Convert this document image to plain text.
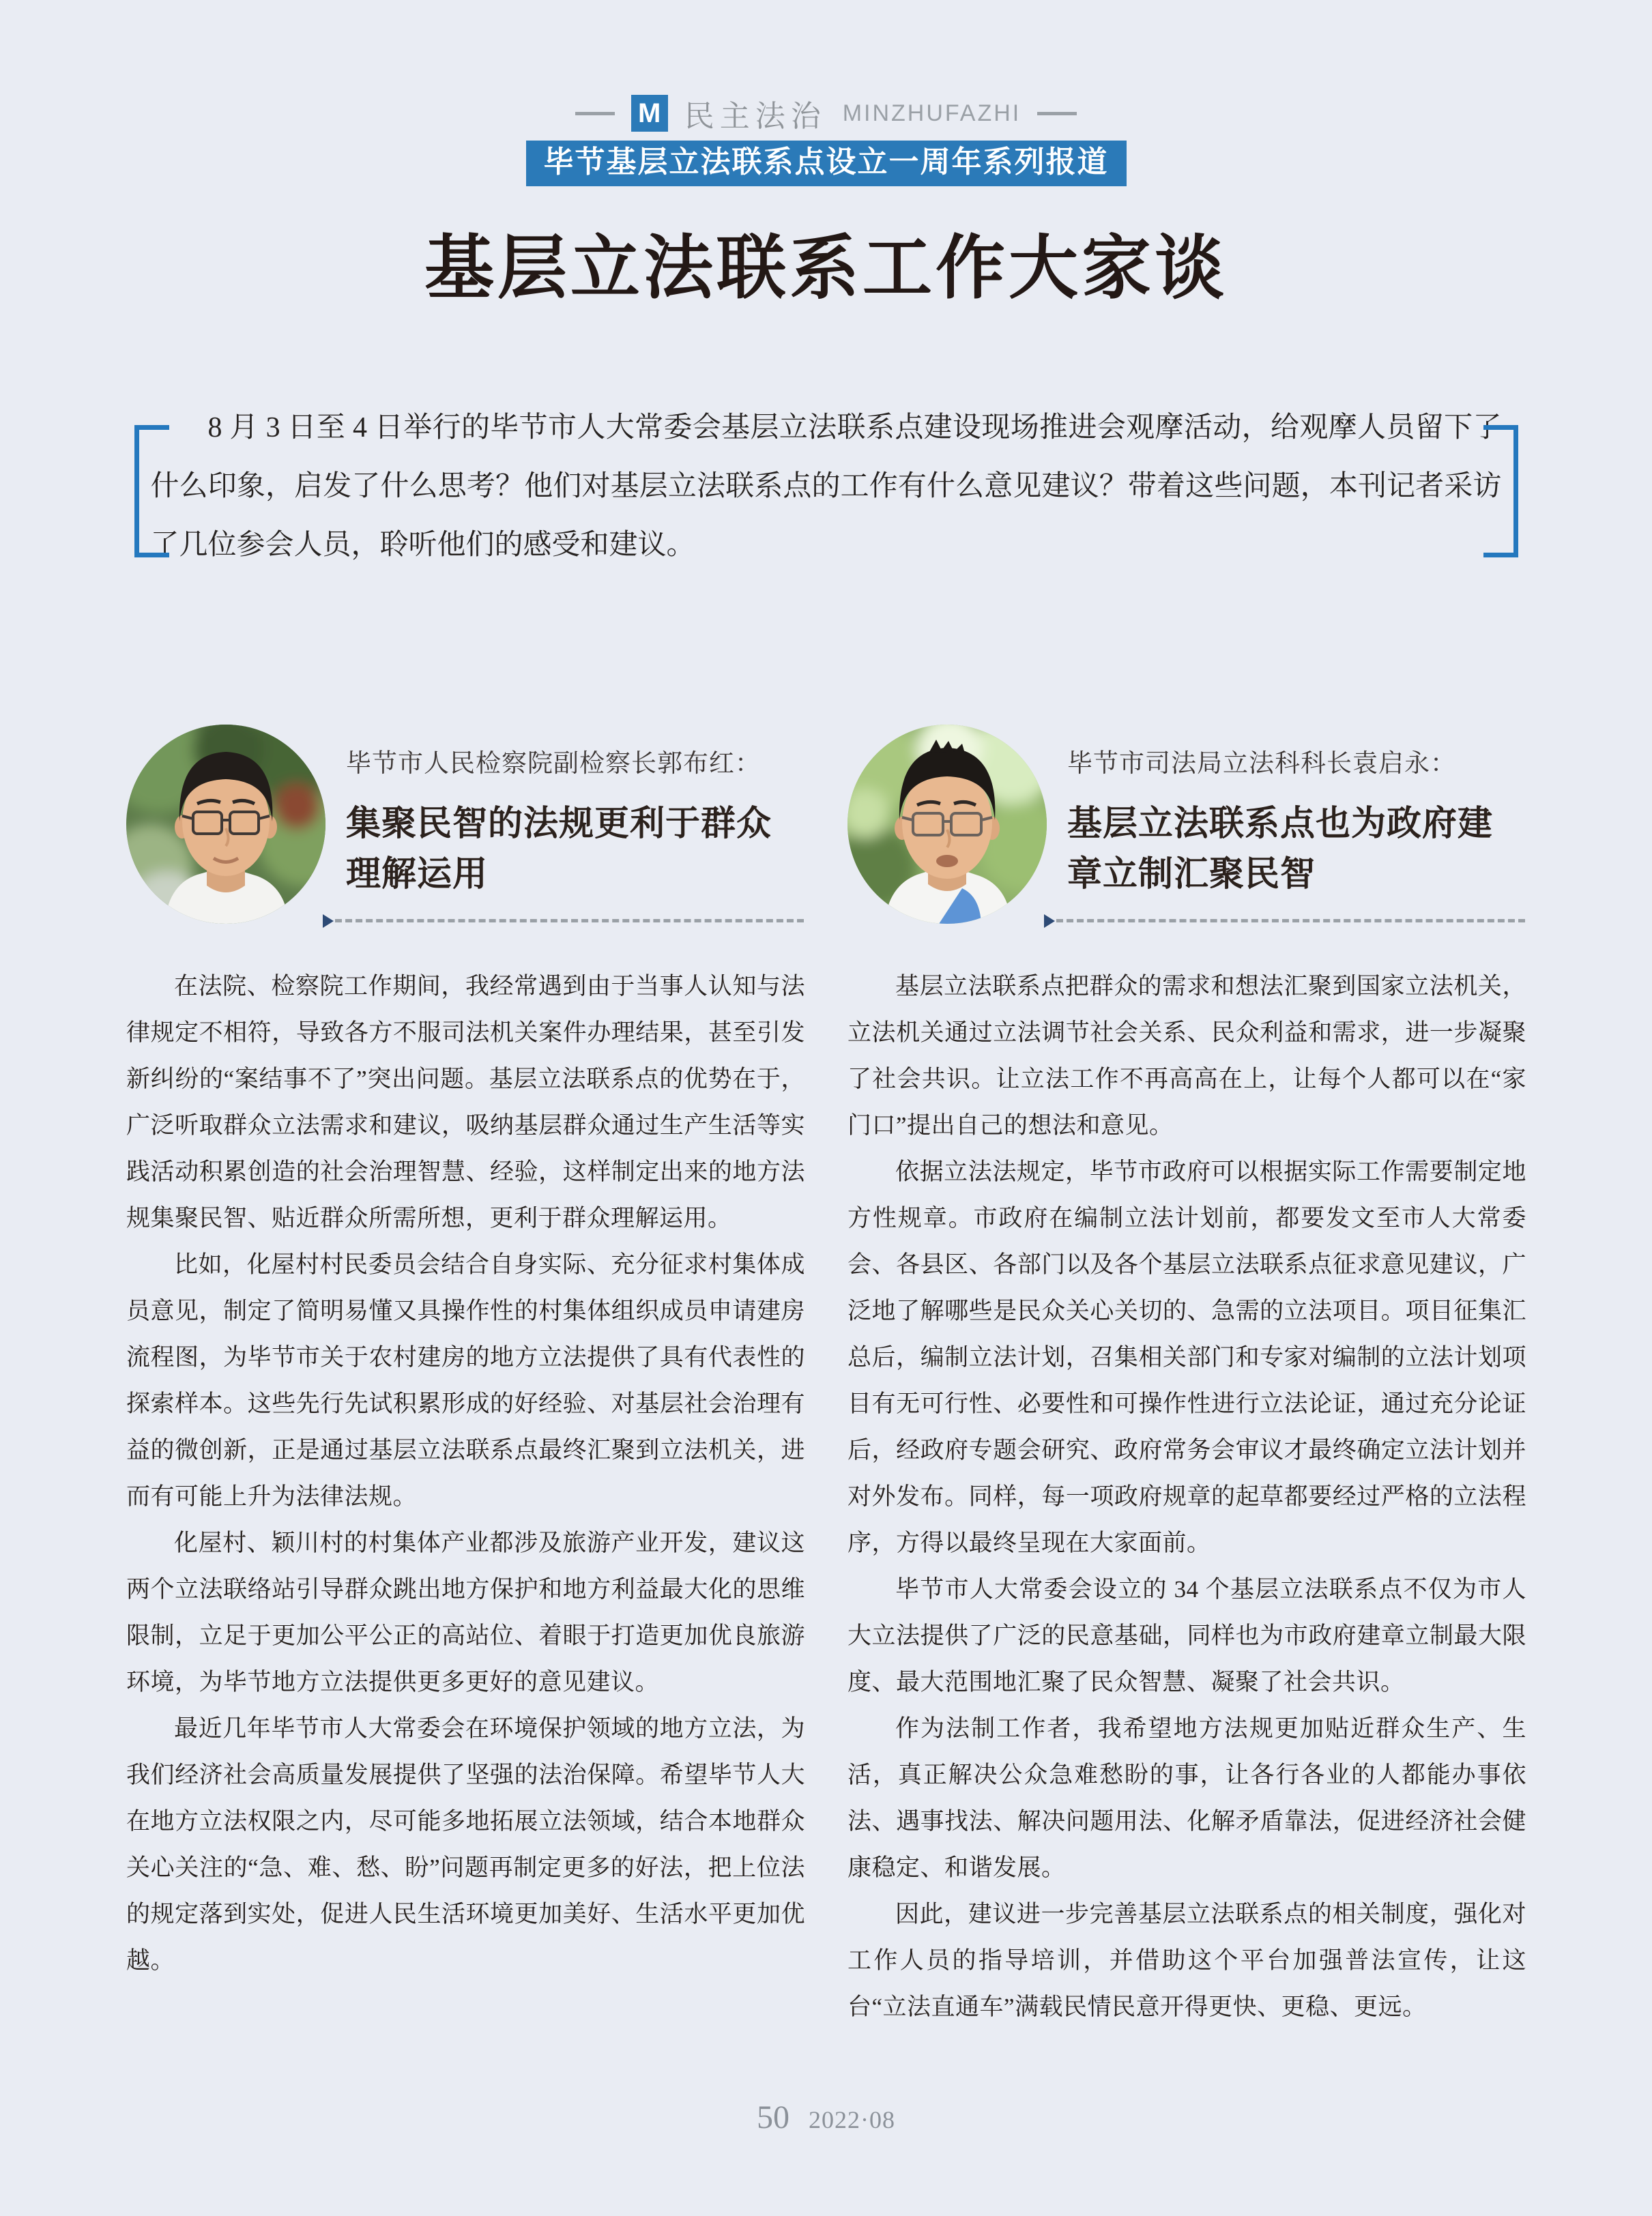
M 民主法治 MINZHUFAZHI
毕节基层立法联系点设立一周年系列报道
基层立法联系工作大家谈

8 月 3 日至 4 日举行的毕节市人大常委会基层立法联系点建设现场推进会观摩活动，给观摩人员留下了什么印象，启发了什么思考？他们对基层立法联系点的工作有什么意见建议？带着这些问题，本刊记者采访了几位参会人员，聆听他们的感受和建议。

毕节市人民检察院副检察长郭布红：
集聚民智的法规更利于群众理解运用

在法院、检察院工作期间，我经常遇到由于当事人认知与法律规定不相符，导致各方不服司法机关案件办理结果，甚至引发新纠纷的“案结事不了”突出问题。基层立法联系点的优势在于，广泛听取群众立法需求和建议，吸纳基层群众通过生产生活等实践活动积累创造的社会治理智慧、经验，这样制定出来的地方法规集聚民智、贴近群众所需所想，更利于群众理解运用。

比如，化屋村村民委员会结合自身实际、充分征求村集体成员意见，制定了简明易懂又具操作性的村集体组织成员申请建房流程图，为毕节市关于农村建房的地方立法提供了具有代表性的探索样本。这些先行先试积累形成的好经验、对基层社会治理有益的微创新，正是通过基层立法联系点最终汇聚到立法机关，进而有可能上升为法律法规。

化屋村、颖川村的村集体产业都涉及旅游产业开发，建议这两个立法联络站引导群众跳出地方保护和地方利益最大化的思维限制，立足于更加公平公正的高站位、着眼于打造更加优良旅游环境，为毕节地方立法提供更多更好的意见建议。

最近几年毕节市人大常委会在环境保护领域的地方立法，为我们经济社会高质量发展提供了坚强的法治保障。希望毕节人大在地方立法权限之内，尽可能多地拓展立法领域，结合本地群众关心关注的“急、难、愁、盼”问题再制定更多的好法，把上位法的规定落到实处，促进人民生活环境更加美好、生活水平更加优越。

毕节市司法局立法科科长袁启永：
基层立法联系点也为政府建章立制汇聚民智

基层立法联系点把群众的需求和想法汇聚到国家立法机关，立法机关通过立法调节社会关系、民众利益和需求，进一步凝聚了社会共识。让立法工作不再高高在上，让每个人都可以在“家门口”提出自己的想法和意见。

依据立法法规定，毕节市政府可以根据实际工作需要制定地方性规章。市政府在编制立法计划前，都要发文至市人大常委会、各县区、各部门以及各个基层立法联系点征求意见建议，广泛地了解哪些是民众关心关切的、急需的立法项目。项目征集汇总后，编制立法计划，召集相关部门和专家对编制的立法计划项目有无可行性、必要性和可操作性进行立法论证，通过充分论证后，经政府专题会研究、政府常务会审议才最终确定立法计划并对外发布。同样，每一项政府规章的起草都要经过严格的立法程序，方得以最终呈现在大家面前。

毕节市人大常委会设立的 34 个基层立法联系点不仅为市人大立法提供了广泛的民意基础，同样也为市政府建章立制最大限度、最大范围地汇聚了民众智慧、凝聚了社会共识。

作为法制工作者，我希望地方法规更加贴近群众生产、生活，真正解决公众急难愁盼的事，让各行各业的人都能办事依法、遇事找法、解决问题用法、化解矛盾靠法，促进经济社会健康稳定、和谐发展。

因此，建议进一步完善基层立法联系点的相关制度，强化对工作人员的指导培训，并借助这个平台加强普法宣传，让这台“立法直通车”满载民情民意开得更快、更稳、更远。

50 2022·08
